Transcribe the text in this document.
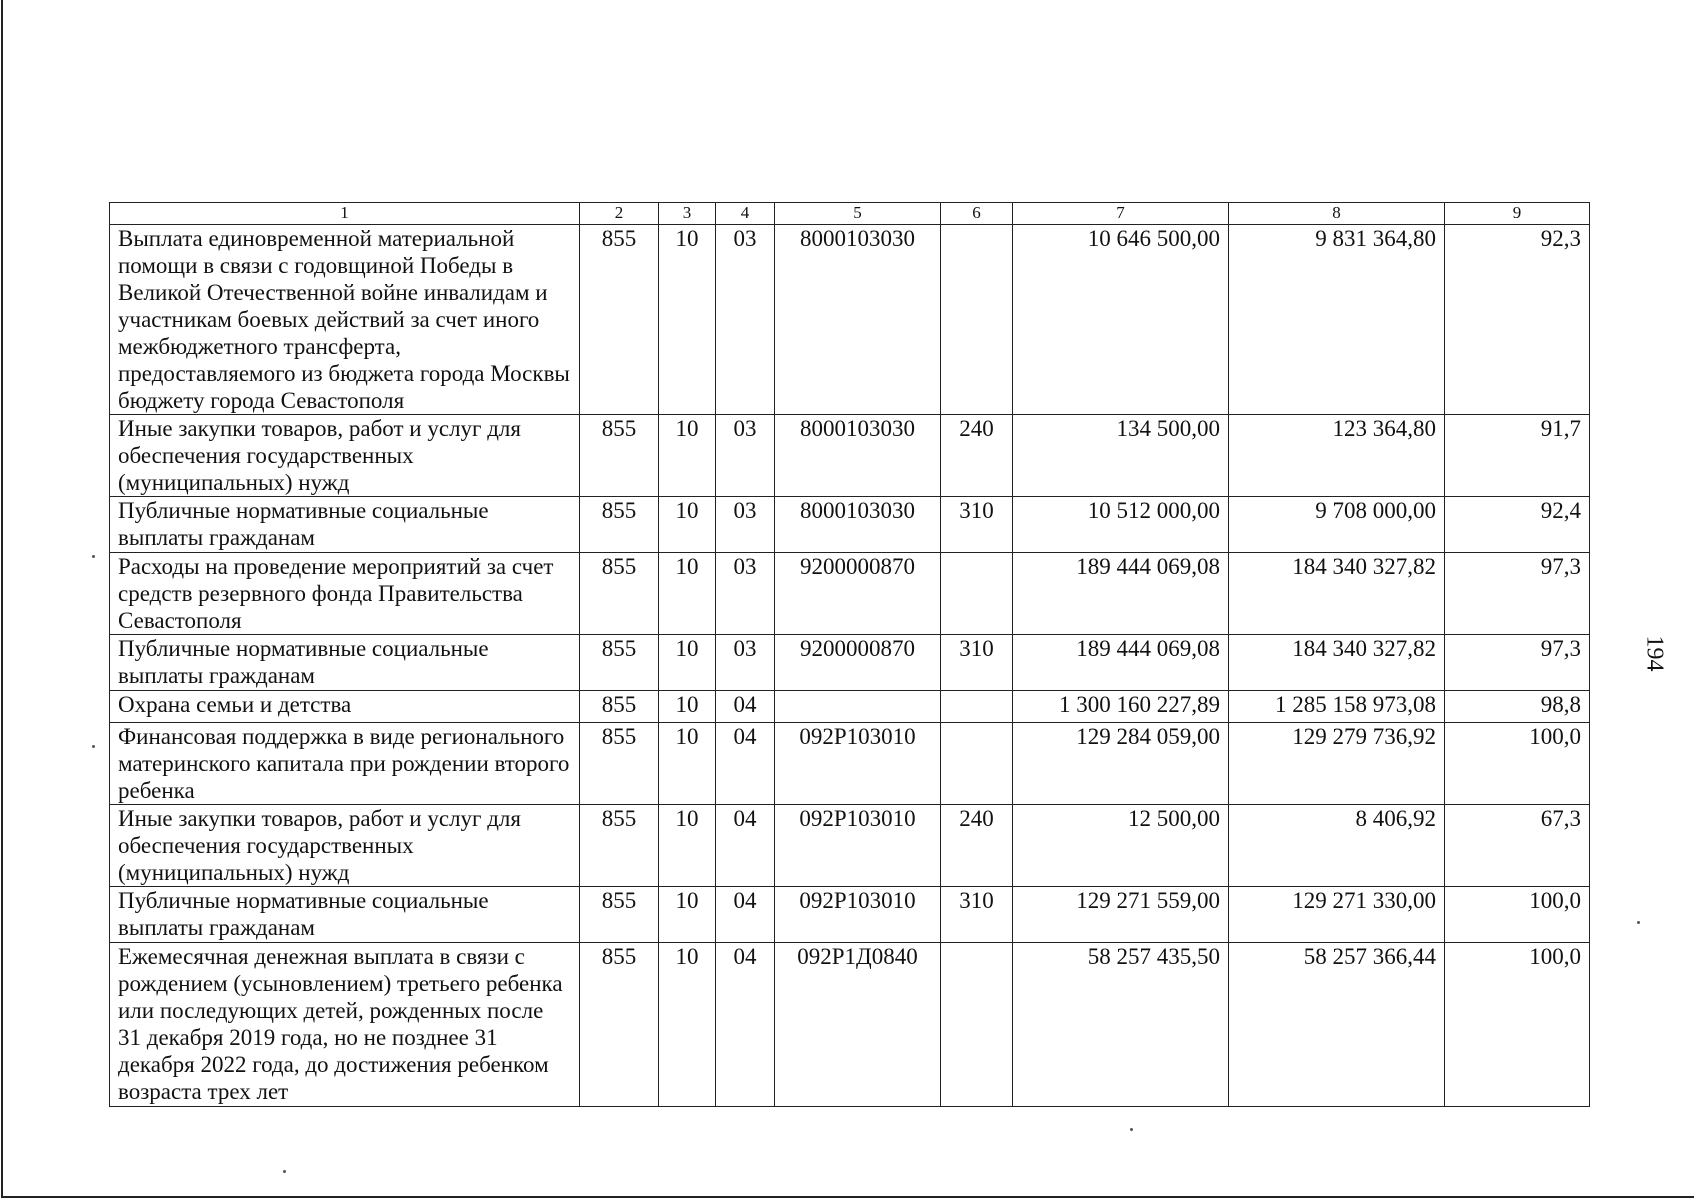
1	2	3	4	5	6	7	8	9
Выплата единовременной материальной помощи в связи с годовщиной Победы в Великой Отечественной войне инвалидам и участникам боевых действий за счет иного межбюджетного трансферта, предоставляемого из бюджета города Москвы бюджету города Севастополя	855	10	03	8000103030		10 646 500,00	9 831 364,80	92,3
Иные закупки товаров, работ и услуг для обеспечения государственных (муниципальных) нужд	855	10	03	8000103030	240	134 500,00	123 364,80	91,7
Публичные нормативные социальные выплаты гражданам	855	10	03	8000103030	310	10 512 000,00	9 708 000,00	92,4
Расходы на проведение мероприятий за счет средств резервного фонда Правительства Севастополя	855	10	03	9200000870		189 444 069,08	184 340 327,82	97,3
Публичные нормативные социальные выплаты гражданам	855	10	03	9200000870	310	189 444 069,08	184 340 327,82	97,3
Охрана семьи и детства	855	10	04			1 300 160 227,89	1 285 158 973,08	98,8
Финансовая поддержка в виде регионального материнского капитала при рождении второго ребенка	855	10	04	092P103010		129 284 059,00	129 279 736,92	100,0
Иные закупки товаров, работ и услуг для обеспечения государственных (муниципальных) нужд	855	10	04	092P103010	240	12 500,00	8 406,92	67,3
Публичные нормативные социальные выплаты гражданам	855	10	04	092P103010	310	129 271 559,00	129 271 330,00	100,0
Ежемесячная денежная выплата в связи с рождением (усыновлением) третьего ребенка или последующих детей, рожденных после 31 декабря 2019 года, но не позднее 31 декабря 2022 года, до достижения ребенком возраста трех лет	855	10	04	092P1Д0840		58 257 435,50	58 257 366,44	100,0
194
